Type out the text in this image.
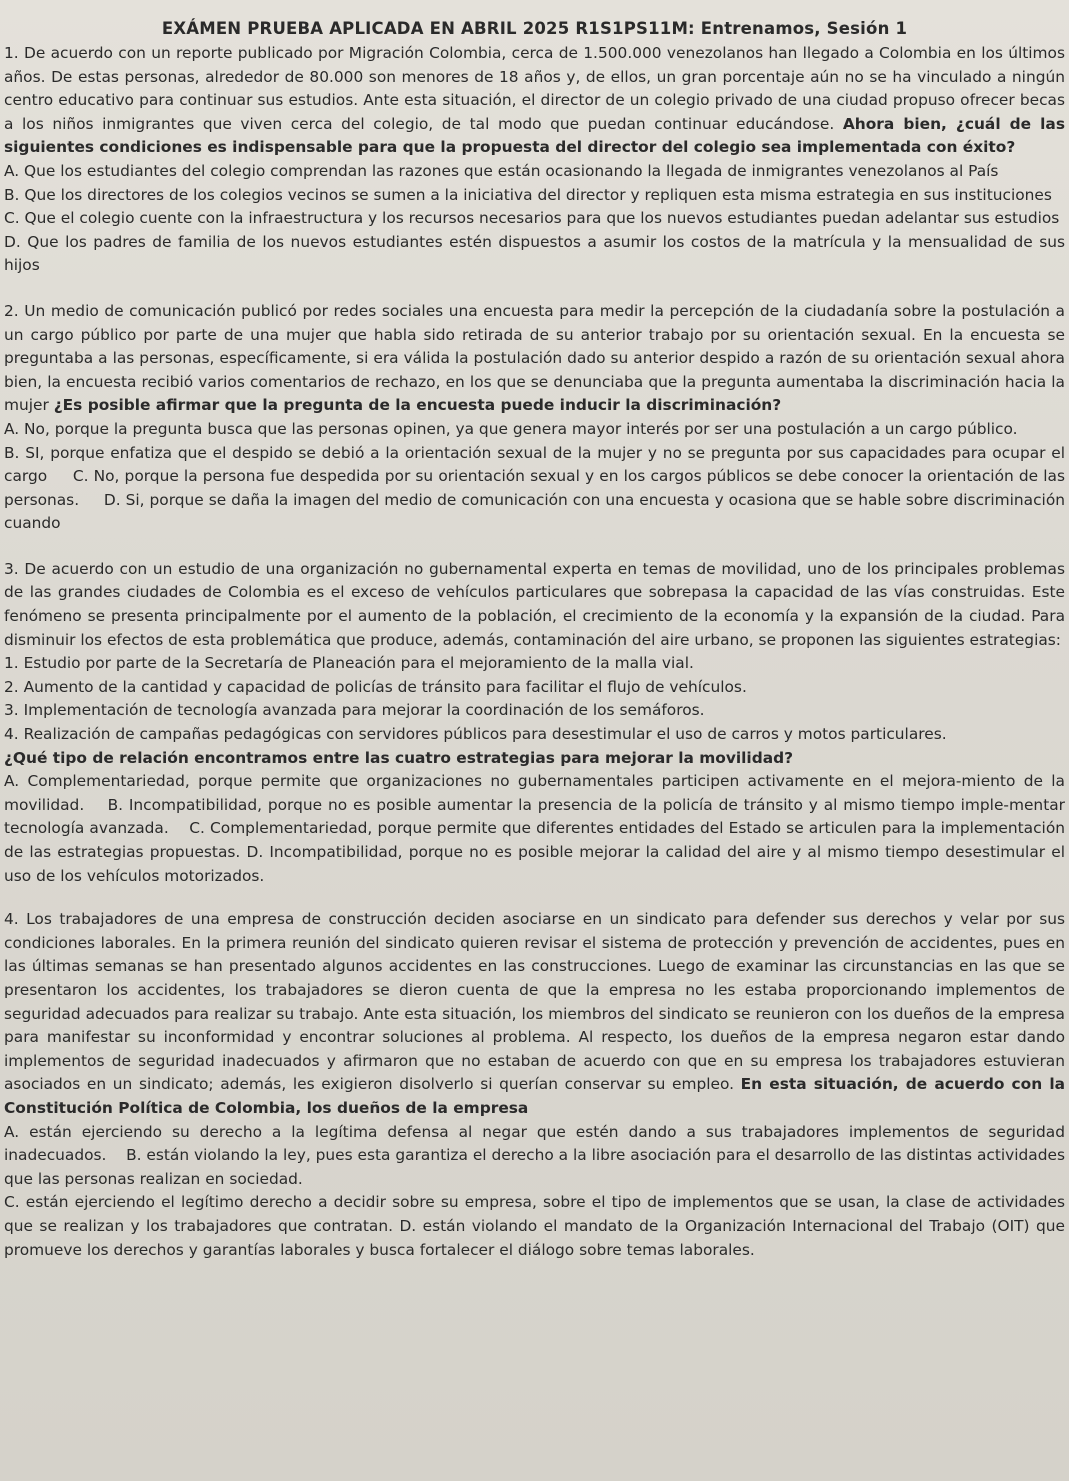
EXÁMEN PRUEBA APLICADA EN ABRIL 2025 R1S1PS11M: Entrenamos, Sesión 1

1. De acuerdo con un reporte publicado por Migración Colombia, cerca de 1.500.000 venezolanos han llegado a Colombia en los últimos años. De estas personas, alrededor de 80.000 son menores de 18 años y, de ellos, un gran porcentaje aún no se ha vinculado a ningún centro educativo para continuar sus estudios. Ante esta situación, el director de un colegio privado de una ciudad propuso ofrecer becas a los niños inmigrantes que viven cerca del colegio, de tal modo que puedan continuar educándose. Ahora bien, ¿cuál de las siguientes condiciones es indispensable para que la propuesta del director del colegio sea implementada con éxito?

A. Que los estudiantes del colegio comprendan las razones que están ocasionando la llegada de inmigrantes venezolanos al País

B. Que los directores de los colegios vecinos se sumen a la iniciativa del director y repliquen esta misma estrategia en sus instituciones

C. Que el colegio cuente con la infraestructura y los recursos necesarios para que los nuevos estudiantes puedan adelantar sus estudios

D. Que los padres de familia de los nuevos estudiantes estén dispuestos a asumir los costos de la matrícula y la mensualidad de sus hijos

2. Un medio de comunicación publicó por redes sociales una encuesta para medir la percepción de la ciudadanía sobre la postulación a un cargo público por parte de una mujer que habla sido retirada de su anterior trabajo por su orientación sexual. En la encuesta se preguntaba a las personas, específicamente, si era válida la postulación dado su anterior despido a razón de su orientación sexual ahora bien, la encuesta recibió varios comentarios de rechazo, en los que se denunciaba que la pregunta aumentaba la discriminación hacia la mujer ¿Es posible afirmar que la pregunta de la encuesta puede inducir la discriminación?

A. No, porque la pregunta busca que las personas opinen, ya que genera mayor interés por ser una postulación a un cargo público.

B. SI, porque enfatiza que el despido se debió a la orientación sexual de la mujer y no se pregunta por sus capacidades para ocupar el cargo C. No, porque la persona fue despedida por su orientación sexual y en los cargos públicos se debe conocer la orientación de las personas. D. Si, porque se daña la imagen del medio de comunicación con una encuesta y ocasiona que se hable sobre discriminación cuando

3. De acuerdo con un estudio de una organización no gubernamental experta en temas de movilidad, uno de los principales problemas de las grandes ciudades de Colombia es el exceso de vehículos particulares que sobrepasa la capacidad de las vías construidas. Este fenómeno se presenta principalmente por el aumento de la población, el crecimiento de la economía y la expansión de la ciudad. Para disminuir los efectos de esta problemática que produce, además, contaminación del aire urbano, se proponen las siguientes estrategias:

1. Estudio por parte de la Secretaría de Planeación para el mejoramiento de la malla vial.

2. Aumento de la cantidad y capacidad de policías de tránsito para facilitar el flujo de vehículos.

3. Implementación de tecnología avanzada para mejorar la coordinación de los semáforos.

4. Realización de campañas pedagógicas con servidores públicos para desestimular el uso de carros y motos particulares.

¿Qué tipo de relación encontramos entre las cuatro estrategias para mejorar la movilidad?

A. Complementariedad, porque permite que organizaciones no gubernamentales participen activamente en el mejora-miento de la movilidad. B. Incompatibilidad, porque no es posible aumentar la presencia de la policía de tránsito y al mismo tiempo imple-mentar tecnología avanzada. C. Complementariedad, porque permite que diferentes entidades del Estado se articulen para la implementación de las estrategias propuestas. D. Incompatibilidad, porque no es posible mejorar la calidad del aire y al mismo tiempo desestimular el uso de los vehículos motorizados.

4. Los trabajadores de una empresa de construcción deciden asociarse en un sindicato para defender sus derechos y velar por sus condiciones laborales. En la primera reunión del sindicato quieren revisar el sistema de protección y prevención de accidentes, pues en las últimas semanas se han presentado algunos accidentes en las construcciones. Luego de examinar las circunstancias en las que se presentaron los accidentes, los trabajadores se dieron cuenta de que la empresa no les estaba proporcionando implementos de seguridad adecuados para realizar su trabajo. Ante esta situación, los miembros del sindicato se reunieron con los dueños de la empresa para manifestar su inconformidad y encontrar soluciones al problema. Al respecto, los dueños de la empresa negaron estar dando implementos de seguridad inadecuados y afirmaron que no estaban de acuerdo con que en su empresa los trabajadores estuvieran asociados en un sindicato; además, les exigieron disolverlo si querían conservar su empleo. En esta situación, de acuerdo con la Constitución Política de Colombia, los dueños de la empresa

A. están ejerciendo su derecho a la legítima defensa al negar que estén dando a sus trabajadores implementos de seguridad inadecuados. B. están violando la ley, pues esta garantiza el derecho a la libre asociación para el desarrollo de las distintas actividades que las personas realizan en sociedad.

C. están ejerciendo el legítimo derecho a decidir sobre su empresa, sobre el tipo de implementos que se usan, la clase de actividades que se realizan y los trabajadores que contratan. D. están violando el mandato de la Organización Internacional del Trabajo (OIT) que promueve los derechos y garantías laborales y busca fortalecer el diálogo sobre temas laborales.
